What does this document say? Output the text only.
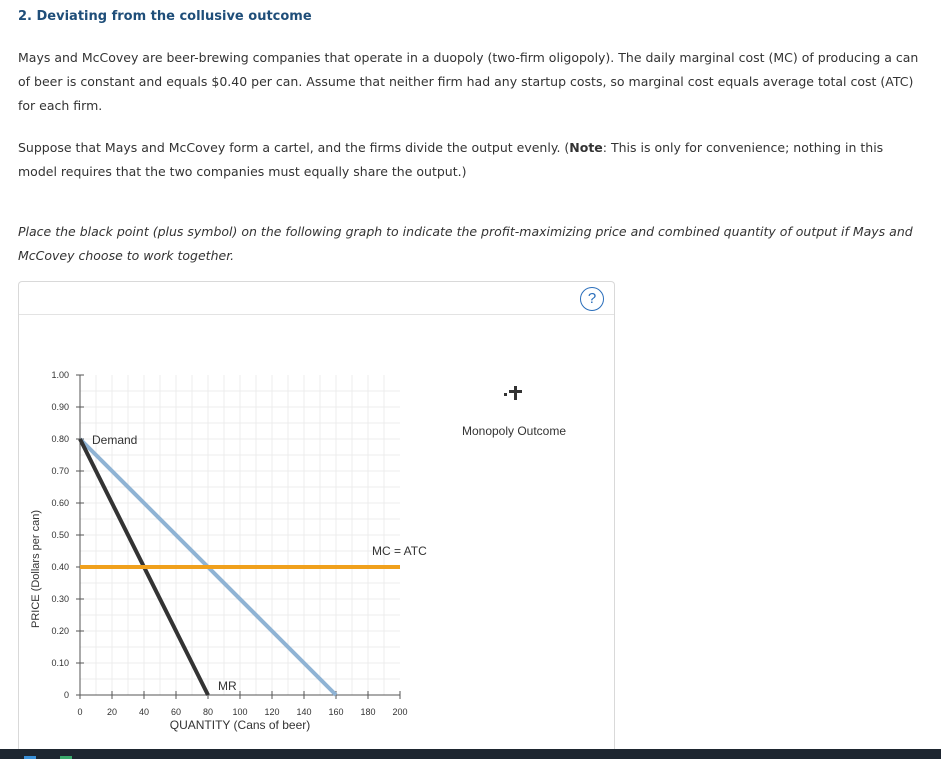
2. Deviating from the collusive outcome
Mays and McCovey are beer-brewing companies that operate in a duopoly (two-firm oligopoly). The daily marginal cost (MC) of producing a can of beer is constant and equals $0.40 per can. Assume that neither firm had any startup costs, so marginal cost equals average total cost (ATC) for each firm.
Suppose that Mays and McCovey form a cartel, and the firms divide the output evenly. (Note: This is only for convenience; nothing in this model requires that the two companies must equally share the output.)
Place the black point (plus symbol) on the following graph to indicate the profit-maximizing price and combined quantity of output if Mays and McCovey choose to work together.
?
0	20 40 60 80 100 120 140 160 180 200
0
0.10
0.20
0.30
0.40
0.50
0.60
0.70
0.80
0.90
1.00
PRICE (Dollars per can)
QUANTITY (Cans of beer)
Demand
MR
MC = ATC
Monopoly Outcome
